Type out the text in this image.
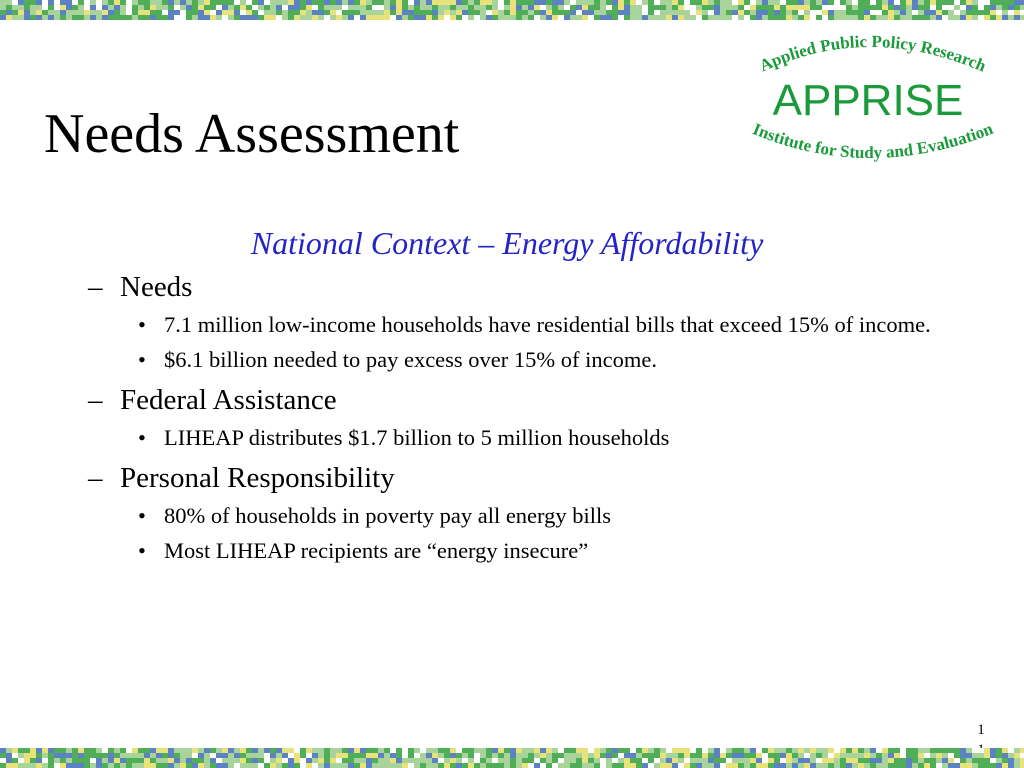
Needs Assessment
Applied Public Policy Research
APPRISE
Institute for Study and Evaluation
National Context – Energy Affordability
– Needs
• 7.1 million low-income households have residential bills that exceed 15% of income.
• $6.1 billion needed to pay excess over 15% of income.
– Federal Assistance
• LIHEAP distributes $1.7 billion to 5 million households
– Personal Responsibility
• 80% of households in poverty pay all energy bills
• Most LIHEAP recipients are “energy insecure”
1
